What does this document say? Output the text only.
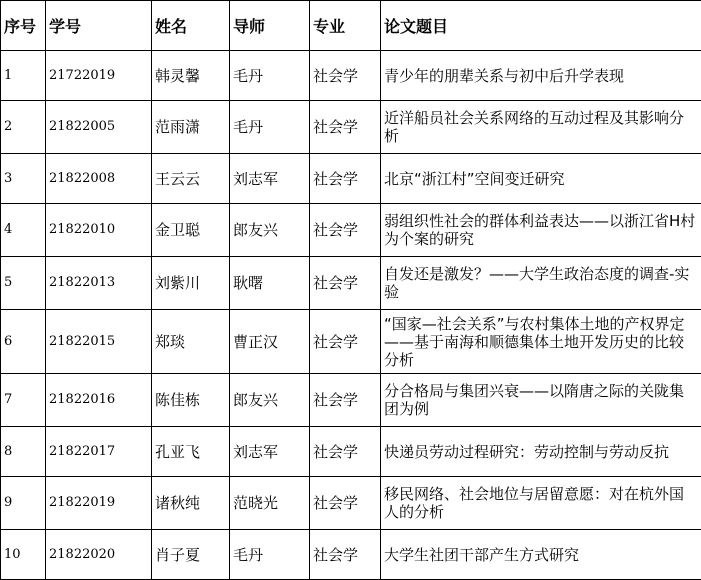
序号	学号	姓名	导师	专业	论文题目
1	21722019	韩灵馨	毛丹	社会学	青少年的朋辈关系与初中后升学表现
2	21822005	范雨潇	毛丹	社会学	近洋船员社会关系网络的互动过程及其影响分析
3	21822008	王云云	刘志军	社会学	北京“浙江村”空间变迁研究
4	21822010	金卫聪	郎友兴	社会学	弱组织性社会的群体利益表达——以浙江省H村为个案的研究
5	21822013	刘紫川	耿曙	社会学	自发还是激发？——大学生政治态度的调查-实验
6	21822015	郑琰	曹正汉	社会学	“国家—社会关系”与农村集体土地的产权界定——基于南海和顺德集体土地开发历史的比较分析
7	21822016	陈佳栋	郎友兴	社会学	分合格局与集团兴衰——以隋唐之际的关陇集团为例
8	21822017	孔亚飞	刘志军	社会学	快递员劳动过程研究：劳动控制与劳动反抗
9	21822019	诸秋纯	范晓光	社会学	移民网络、社会地位与居留意愿：对在杭外国人的分析
10	21822020	肖子夏	毛丹	社会学	大学生社团干部产生方式研究
